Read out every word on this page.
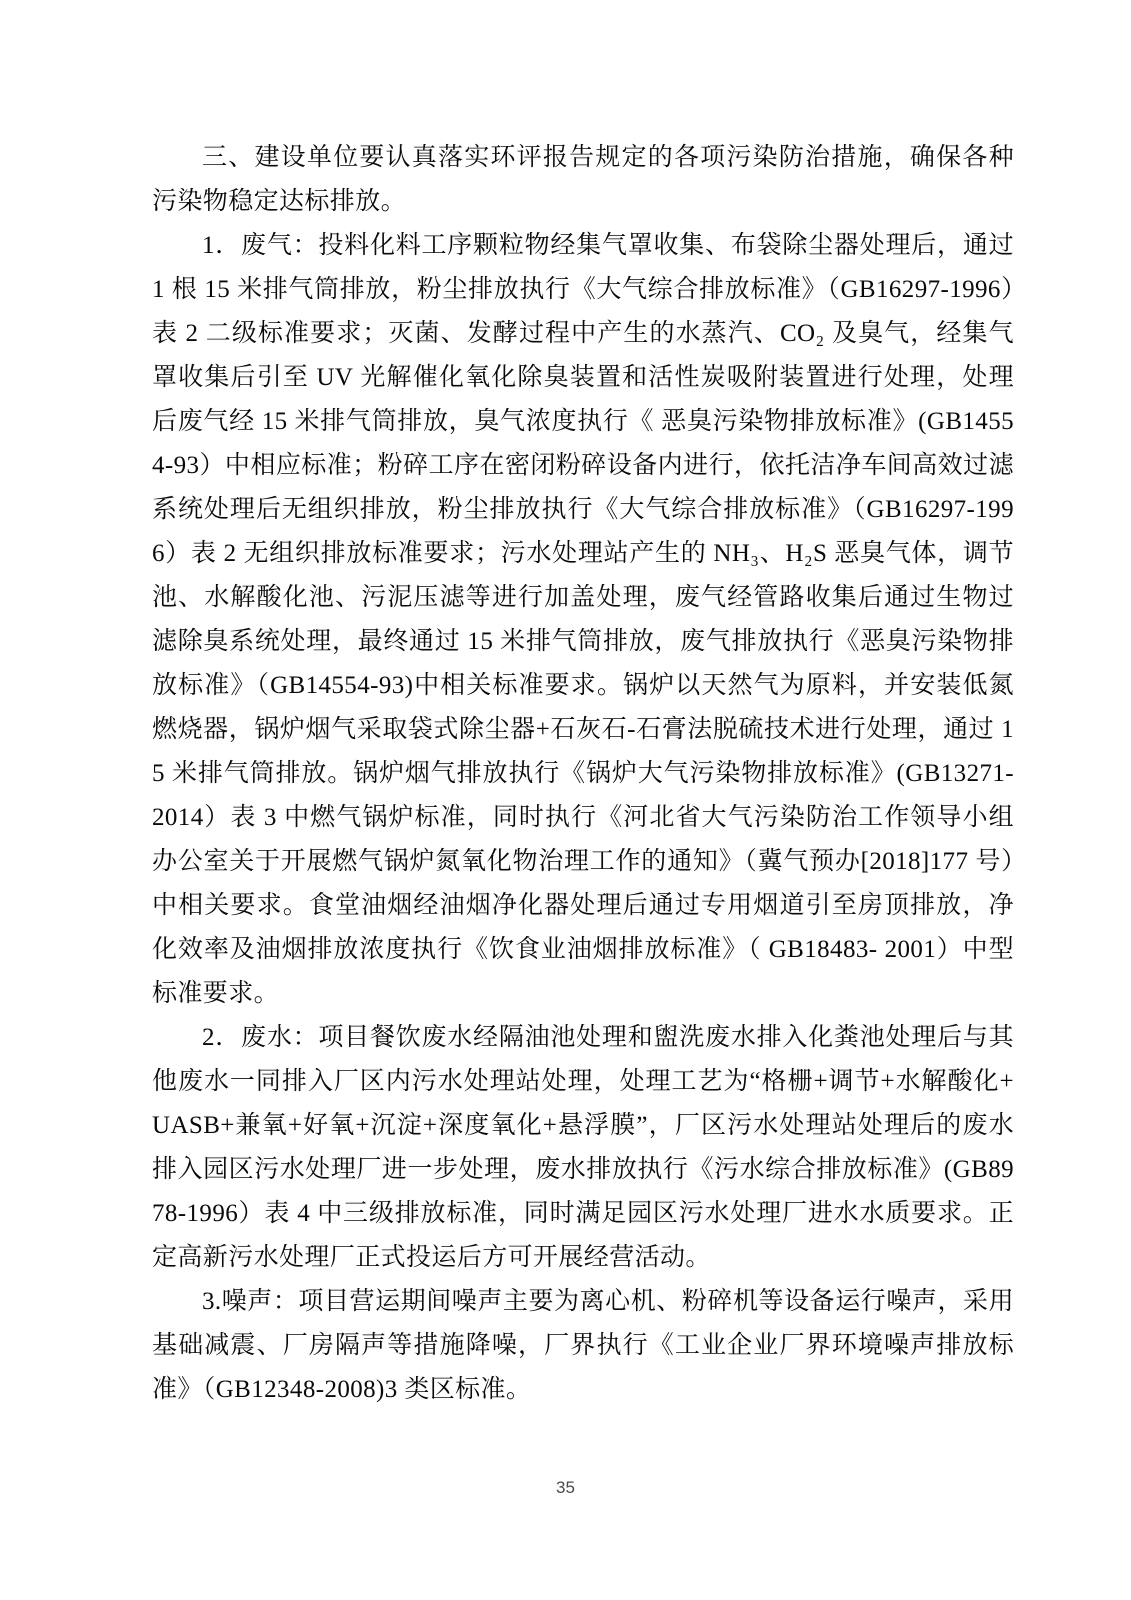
三、建设单位要认真落实环评报告规定的各项污染防治措施，确保各种污染物稳定达标排放。

1．废气：投料化料工序颗粒物经集气罩收集、布袋除尘器处理后，通过 1 根 15 米排气筒排放，粉尘排放执行《大气综合排放标准》（GB16297-1996）表 2 二级标准要求；灭菌、发酵过程中产生的水蒸汽、CO₂ 及臭气，经集气罩收集后引至 UV 光解催化氧化除臭装置和活性炭吸附装置进行处理，处理后废气经 15 米排气筒排放，臭气浓度执行《 恶臭污染物排放标准》(GB14554-93）中相应标准；粉碎工序在密闭粉碎设备内进行，依托洁净车间高效过滤系统处理后无组织排放，粉尘排放执行《大气综合排放标准》（GB16297-1996）表 2 无组织排放标准要求；污水处理站产生的 NH₃、H₂S 恶臭气体，调节池、水解酸化池、污泥压滤等进行加盖处理，废气经管路收集后通过生物过滤除臭系统处理，最终通过 15 米排气筒排放，废气排放执行《恶臭污染物排放标准》（GB14554-93)中相关标准要求。锅炉以天然气为原料，并安装低氮燃烧器，锅炉烟气采取袋式除尘器+石灰石-石膏法脱硫技术进行处理，通过 15 米排气筒排放。锅炉烟气排放执行《锅炉大气污染物排放标准》(GB13271- 2014）表 3 中燃气锅炉标准，同时执行《河北省大气污染防治工作领导小组办公室关于开展燃气锅炉氮氧化物治理工作的通知》（冀气预办[2018]177 号）中相关要求。食堂油烟经油烟净化器处理后通过专用烟道引至房顶排放，净化效率及油烟排放浓度执行《饮食业油烟排放标准》（ GB18483- 2001）中型标准要求。

2．废水：项目餐饮废水经隔油池处理和盥洗废水排入化粪池处理后与其他废水一同排入厂区内污水处理站处理，处理工艺为“格栅+调节+水解酸化+ UASB+兼氧+好氧+沉淀+深度氧化+悬浮膜”，厂区污水处理站处理后的废水排入园区污水处理厂进一步处理，废水排放执行《污水综合排放标准》(GB8978-1996）表 4 中三级排放标准，同时满足园区污水处理厂进水水质要求。正定高新污水处理厂正式投运后方可开展经营活动。

3.噪声：项目营运期间噪声主要为离心机、粉碎机等设备运行噪声，采用基础减震、厂房隔声等措施降噪，厂界执行《工业企业厂界环境噪声排放标准》（GB12348-2008)3 类区标准。

35
